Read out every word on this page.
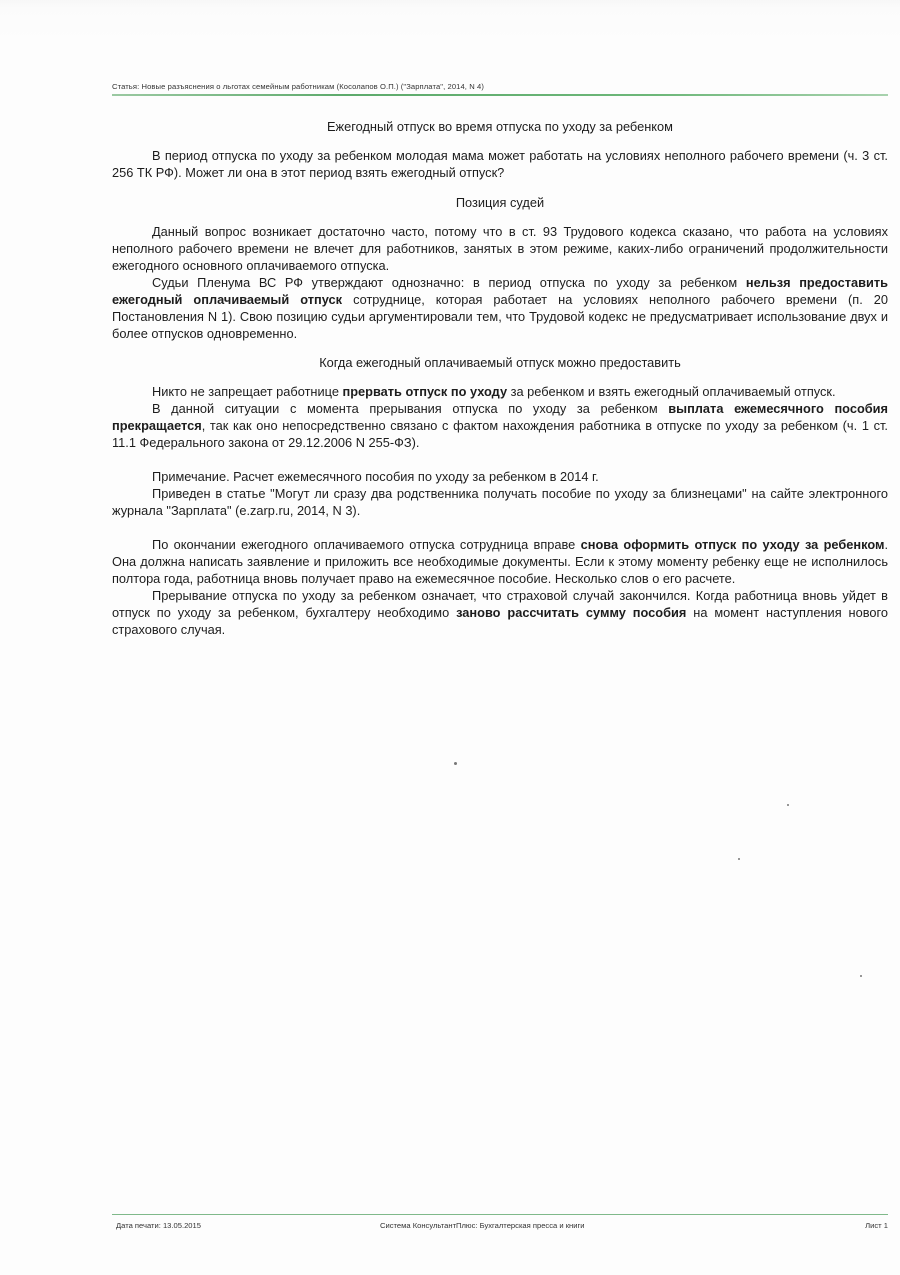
Статья: Новые разъяснения о льготах семейным работникам (Косолапов О.П.) ("Зарплата", 2014, N 4)
Ежегодный отпуск во время отпуска по уходу за ребенком

В период отпуска по уходу за ребенком молодая мама может работать на условиях неполного рабочего времени (ч. 3 ст. 256 ТК РФ). Может ли она в этот период взять ежегодный отпуск?

Позиция судей

Данный вопрос возникает достаточно часто, потому что в ст. 93 Трудового кодекса сказано, что работа на условиях неполного рабочего времени не влечет для работников, занятых в этом режиме, каких-либо ограничений продолжительности ежегодного основного оплачиваемого отпуска.

Судьи Пленума ВС РФ утверждают однозначно: в период отпуска по уходу за ребенком нельзя предоставить ежегодный оплачиваемый отпуск сотруднице, которая работает на условиях неполного рабочего времени (п. 20 Постановления N 1). Свою позицию судьи аргументировали тем, что Трудовой кодекс не предусматривает использование двух и более отпусков одновременно.

Когда ежегодный оплачиваемый отпуск можно предоставить

Никто не запрещает работнице прервать отпуск по уходу за ребенком и взять ежегодный оплачиваемый отпуск.

В данной ситуации с момента прерывания отпуска по уходу за ребенком выплата ежемесячного пособия прекращается, так как оно непосредственно связано с фактом нахождения работника в отпуске по уходу за ребенком (ч. 1 ст. 11.1 Федерального закона от 29.12.2006 N 255-ФЗ).

Примечание. Расчет ежемесячного пособия по уходу за ребенком в 2014 г.

Приведен в статье "Могут ли сразу два родственника получать пособие по уходу за близнецами" на сайте электронного журнала "Зарплата" (e.zarp.ru, 2014, N 3).

По окончании ежегодного оплачиваемого отпуска сотрудница вправе снова оформить отпуск по уходу за ребенком. Она должна написать заявление и приложить все необходимые документы. Если к этому моменту ребенку еще не исполнилось полтора года, работница вновь получает право на ежемесячное пособие. Несколько слов о его расчете.

Прерывание отпуска по уходу за ребенком означает, что страховой случай закончился. Когда работница вновь уйдет в отпуск по уходу за ребенком, бухгалтеру необходимо заново рассчитать сумму пособия на момент наступления нового страхового случая.

Дата печати: 13.05.2015	Система КонсультантПлюс: Бухгалтерская пресса и книги	Лист 1
